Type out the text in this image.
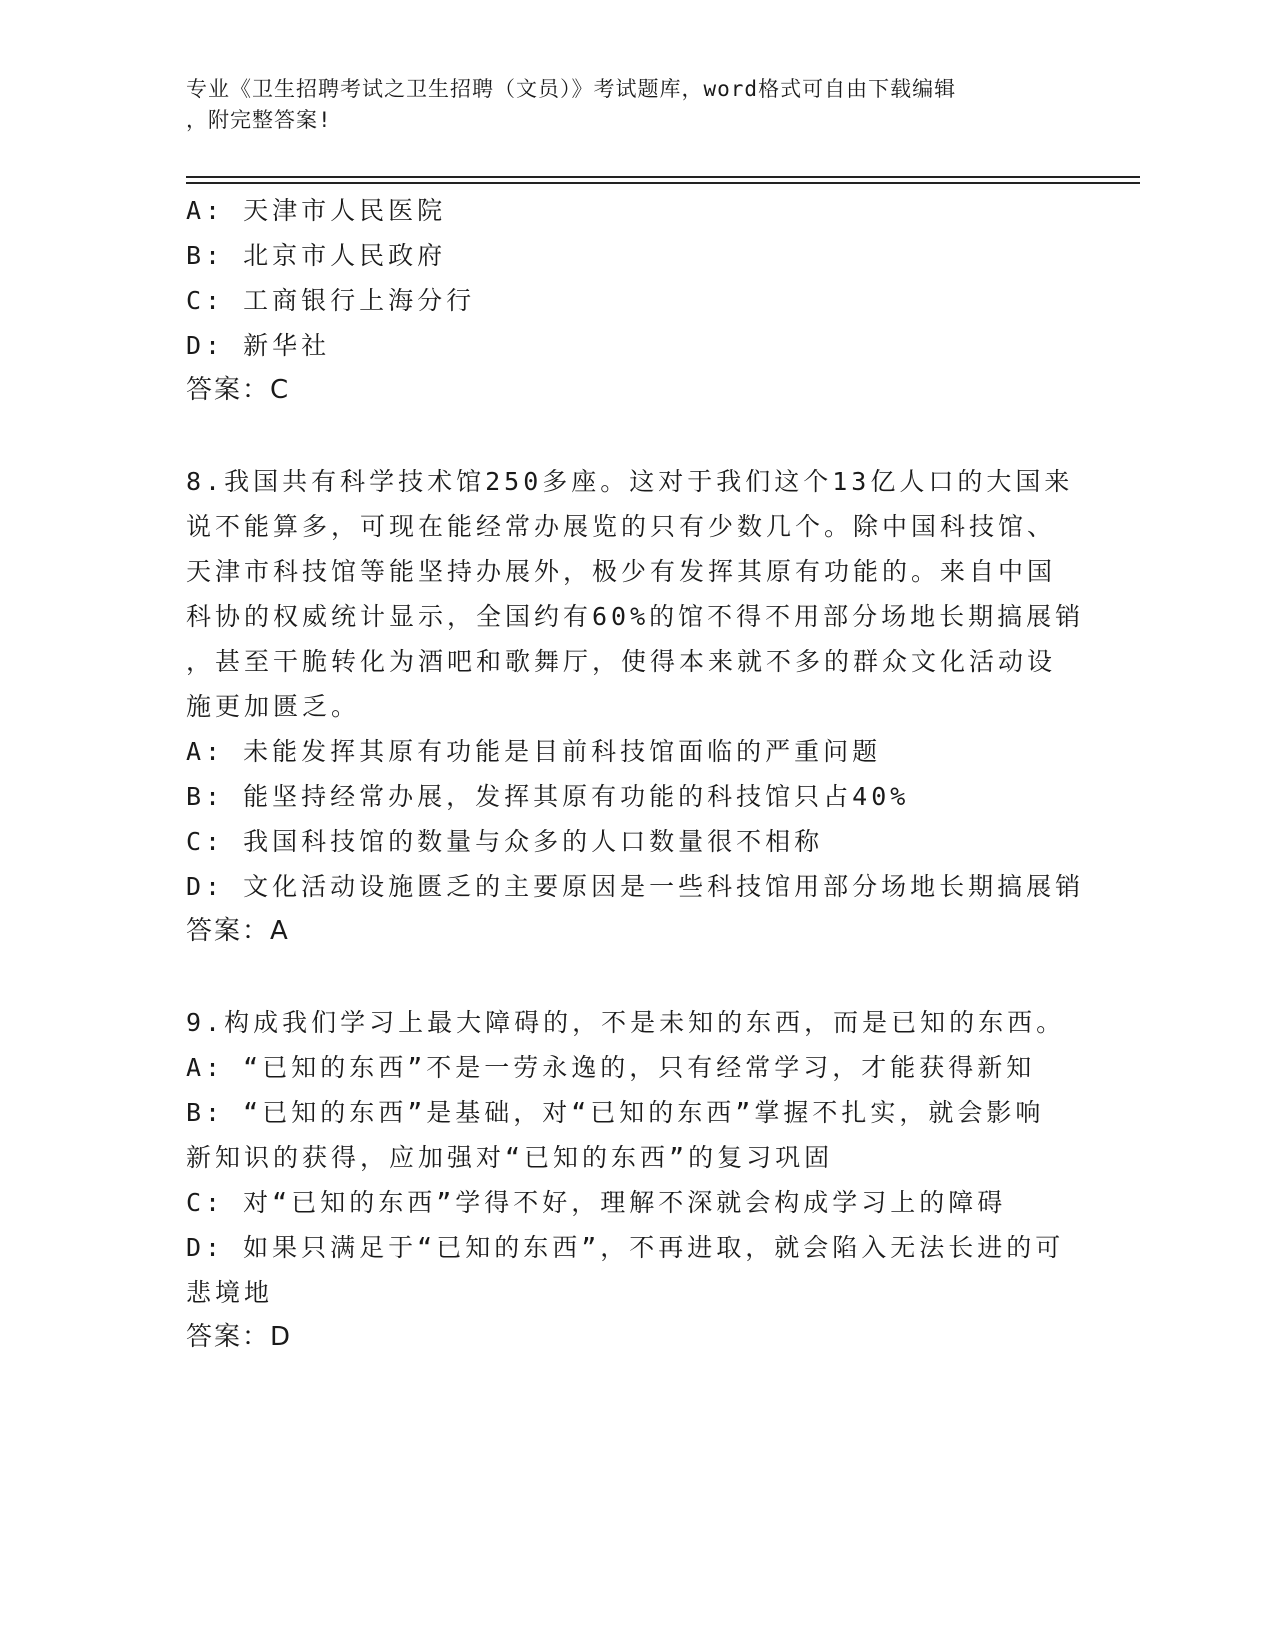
专业《卫生招聘考试之卫生招聘（文员）》考试题库，word格式可自由下载编辑
，附完整答案!
A: 天津市人民医院
B: 北京市人民政府
C: 工商银行上海分行
D: 新华社
答案：C
8.我国共有科学技术馆250多座。这对于我们这个13亿人口的大国来
说不能算多，可现在能经常办展览的只有少数几个。除中国科技馆、
天津市科技馆等能坚持办展外，极少有发挥其原有功能的。来自中国
科协的权威统计显示，全国约有60%的馆不得不用部分场地长期搞展销
，甚至干脆转化为酒吧和歌舞厅，使得本来就不多的群众文化活动设
施更加匮乏。
A: 未能发挥其原有功能是目前科技馆面临的严重问题
B: 能坚持经常办展，发挥其原有功能的科技馆只占40%
C: 我国科技馆的数量与众多的人口数量很不相称
D: 文化活动设施匮乏的主要原因是一些科技馆用部分场地长期搞展销
答案：A
9.构成我们学习上最大障碍的，不是未知的东西，而是已知的东西。
A: “已知的东西”不是一劳永逸的，只有经常学习，才能获得新知
B: “已知的东西”是基础，对“已知的东西”掌握不扎实，就会影响
新知识的获得，应加强对“已知的东西”的复习巩固
C: 对“已知的东西”学得不好，理解不深就会构成学习上的障碍
D: 如果只满足于“已知的东西”，不再进取，就会陷入无法长进的可
悲境地
答案：D
